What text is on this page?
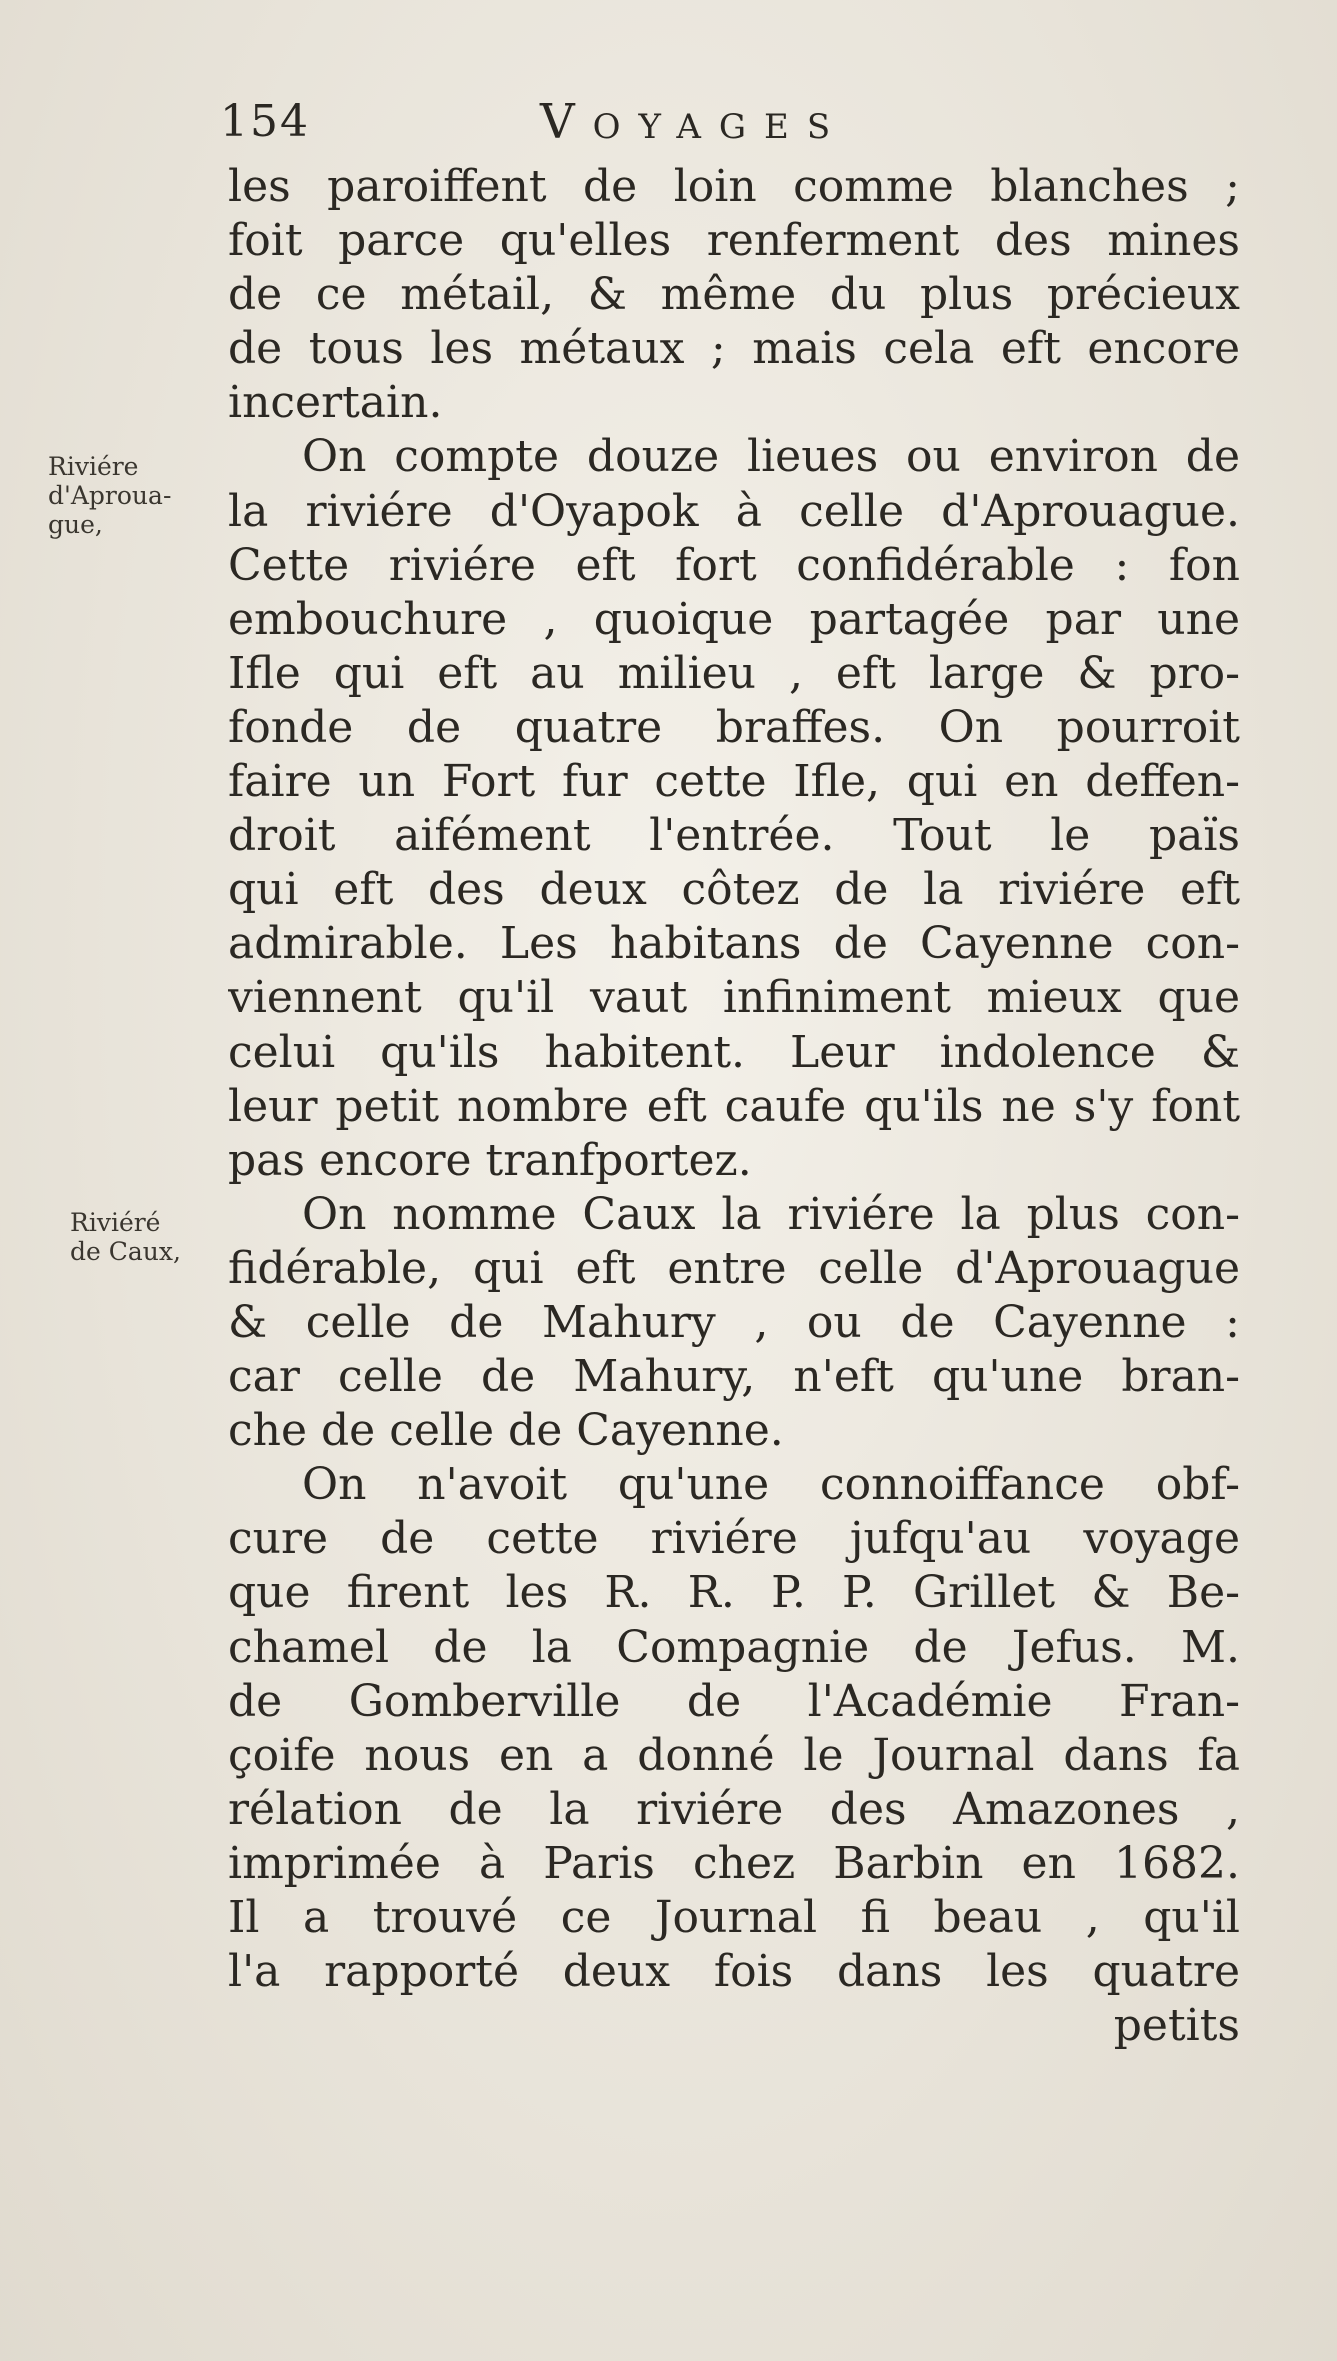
154	Voyages
Riviére
d'Aproua-
gue,
Riviéré
de Caux,
les paroiffent de loin comme blanches ;
foit parce qu'elles renferment des mines
de ce métail, & même du plus précieux
de tous les métaux ; mais cela eft encore
incertain.
On compte douze lieues ou environ de
la riviére d'Oyapok à celle d'Aprouague.
Cette riviére eft fort confidérable : fon
embouchure , quoique partagée par une
Ifle qui eft au milieu , eft large & pro-
fonde de quatre braffes. On pourroit
faire un Fort fur cette Ifle, qui en deffen-
droit aifément l'entrée. Tout le païs
qui eft des deux côtez de la riviére eft
admirable. Les habitans de Cayenne con-
viennent qu'il vaut infiniment mieux que
celui qu'ils habitent. Leur indolence &
leur petit nombre eft caufe qu'ils ne s'y font
pas encore tranfportez.
On nomme Caux la riviére la plus con-
fidérable, qui eft entre celle d'Aprouague
& celle de Mahury , ou de Cayenne :
car celle de Mahury, n'eft qu'une bran-
che de celle de Cayenne.
On n'avoit qu'une connoiffance obf-
cure de cette riviére jufqu'au voyage
que firent les R. R. P. P. Grillet & Be-
chamel de la Compagnie de Jefus. M.
de Gomberville de l'Académie Fran-
çoife nous en a donné le Journal dans fa
rélation de la riviére des Amazones ,
imprimée à Paris chez Barbin en 1682.
Il a trouvé ce Journal fi beau , qu'il
l'a rapporté deux fois dans les quatre
petits
